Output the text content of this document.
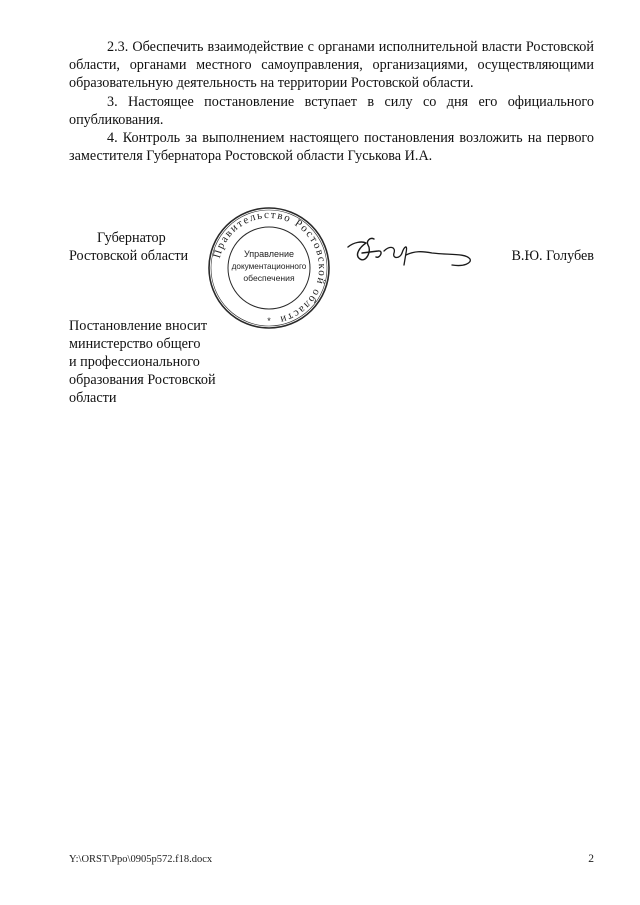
2.3. Обеспечить взаимодействие с органами исполнительной власти Ростовской области, органами местного самоуправления, организациями, осуществляющими образовательную деятельность на территории Ростовской области.

3. Настоящее постановление вступает в силу со дня его официального опубликования.

4. Контроль за выполнением настоящего постановления возложить на первого заместителя Губернатора Ростовской области Гуськова И.А.

Губернатор
Ростовской области	Правительство Ростовской области
Управление
документационного
обеспечения
*
В.Ю. Голубев
Постановление вносит
министерство общего
и профессионального
образования Ростовской
области
Y:\ORST\Ppo\0905p572.f18.docx	2
